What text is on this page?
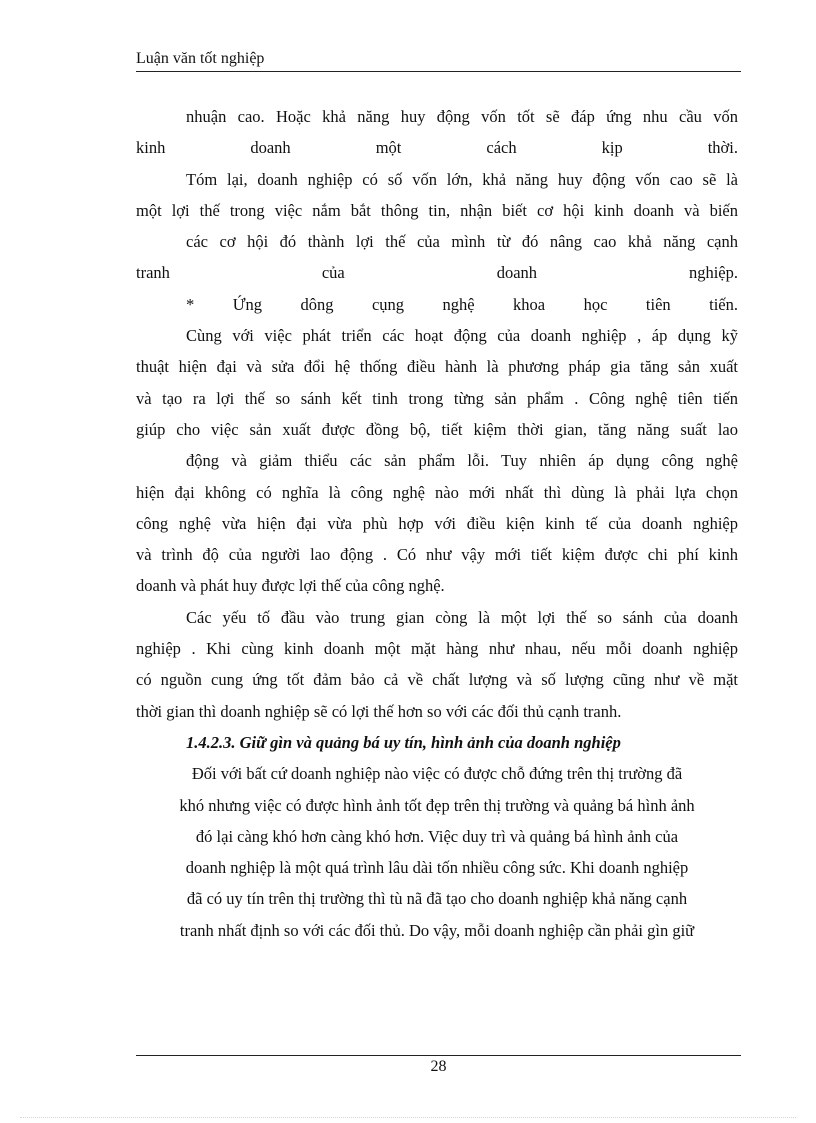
Luận văn tốt nghiệp
nhuận cao. Hoặc khả năng huy động vốn tốt sẽ đáp ứng nhu cầu vốn
kinh doanh một cách kịp thời.
Tóm lại, doanh nghiệp có số vốn lớn, khả năng huy động vốn cao sẽ là
một lợi thế trong việc nắm bắt thông tin, nhận biết cơ hội kinh doanh và biến
các cơ hội đó thành lợi thế của mình từ đó nâng cao khả năng cạnh
tranh của doanh nghiệp.
* Ứng dông cụng nghệ khoa học tiên tiến.
Cùng với việc phát triển các hoạt động của doanh nghiệp , áp dụng kỹ
thuật hiện đại và sửa đổi hệ thống điều hành là phương pháp gia tăng sản xuất
và tạo ra lợi thế so sánh kết tinh trong từng sản phẩm . Công nghệ tiên tiến
giúp cho việc sản xuất được đồng bộ, tiết kiệm thời gian, tăng năng suất lao
động và giảm thiểu các sản phẩm lỗi. Tuy nhiên áp dụng công nghệ
hiện đại không có nghĩa là công nghệ nào mới nhất thì dùng là phải lựa chọn
công nghệ vừa hiện đại vừa phù hợp với điều kiện kinh tế của doanh nghiệp
và trình độ của người lao động . Có như vậy mới tiết kiệm được chi phí kinh
doanh và phát huy được lợi thế của công nghệ.
Các yếu tố đầu vào trung gian còng là một lợi thế so sánh của doanh
nghiệp . Khi cùng kinh doanh một mặt hàng như nhau, nếu mỗi doanh nghiệp
có nguồn cung ứng tốt đảm bảo cả về chất lượng và số lượng cũng như về mặt
thời gian thì doanh nghiệp sẽ có lợi thế hơn so với các đối thủ cạnh tranh.
1.4.2.3. Giữ gìn và quảng bá uy tín, hình ảnh của doanh nghiệp
Đối với bất cứ doanh nghiệp nào việc có được chỗ đứng trên thị trường đã
khó nhưng việc có được hình ảnh tốt đẹp trên thị trường và quảng bá hình ảnh
đó lại càng khó hơn càng khó hơn. Việc duy trì và quảng bá hình ảnh của
doanh nghiệp là một quá trình lâu dài tốn nhiều công sức. Khi doanh nghiệp
đã có uy tín trên thị trường thì tù nã đã tạo cho doanh nghiệp khả năng cạnh
tranh nhất định so với các đối thủ. Do vậy, mỗi doanh nghiệp cần phải gìn giữ
28
